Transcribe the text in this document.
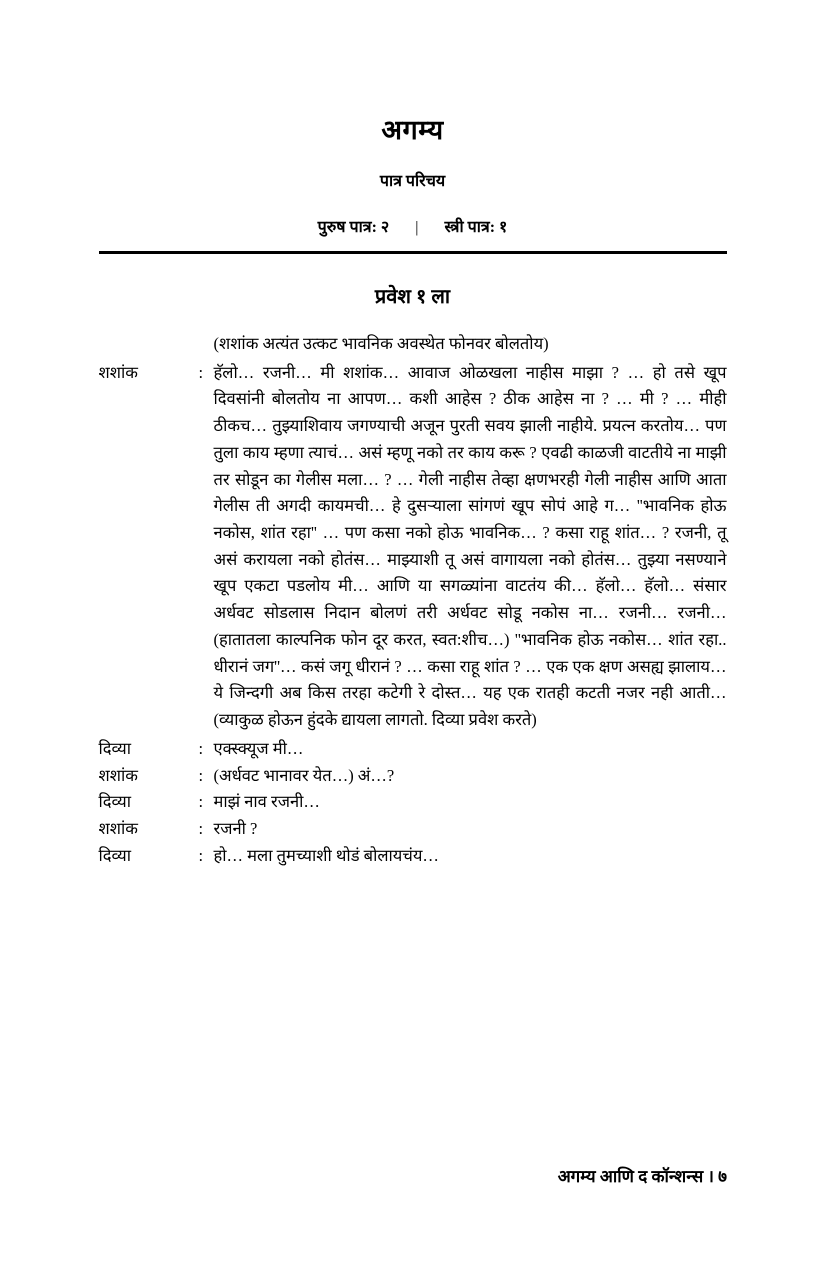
अगम्य
पात्र परिचय
पुरुष पात्र: २ | स्त्री पात्र: १
प्रवेश १ ला
(शशांक अत्यंत उत्कट भावनिक अवस्थेत फोनवर बोलतोय)
शशांक	: हॅलो… रजनी… मी शशांक… आवाज ओळखला नाहीस माझा ? … हो तसे खूप दिवसांनी बोलतोय ना आपण… कशी आहेस ? ठीक आहेस ना ? … मी ? … मीही ठीकच… तुझ्याशिवाय जगण्याची अजून पुरती सवय झाली नाहीये. प्रयत्न करतोय… पण तुला काय म्हणा त्याचं… असं म्हणू नको तर काय करू ? एवढी काळजी वाटतीये ना माझी तर सोडून का गेलीस मला… ? … गेली नाहीस तेव्हा क्षणभरही गेली नाहीस आणि आता गेलीस ती अगदी कायमची… हे दुसऱ्याला सांगणं खूप सोपं आहे ग… ''भावनिक होऊ नकोस, शांत रहा'' … पण कसा नको होऊ भावनिक… ? कसा राहू शांत… ? रजनी, तू असं करायला नको होतंस… माझ्याशी तू असं वागायला नको होतंस… तुझ्या नसण्याने खूप एकटा पडलोय मी… आणि या सगळ्यांना वाटतंय की… हॅलो… हॅलो… संसार अर्धवट सोडलास निदान बोलणं तरी अर्धवट सोडू नकोस ना… रजनी… रजनी… (हातातला काल्पनिक फोन दूर करत, स्वत:शीच…) ''भावनिक होऊ नकोस… शांत रहा.. धीरानं जग''… कसं जगू धीरानं ? … कसा राहू शांत ? … एक एक क्षण असह्य झालाय… ये जिन्दगी अब किस तरहा कटेगी रे दोस्त… यह एक रातही कटती नजर नही आती… (व्याकुळ होऊन हुंदके द्यायला लागतो. दिव्या प्रवेश करते)
दिव्या	: एक्स्क्यूज मी…
शशांक	: (अर्धवट भानावर येत…) अं…?
दिव्या	: माझं नाव रजनी…
शशांक	: रजनी ?
दिव्या	: हो… मला तुमच्याशी थोडं बोलायचंय…
अगम्य आणि द कॉन्शन्स । ७
